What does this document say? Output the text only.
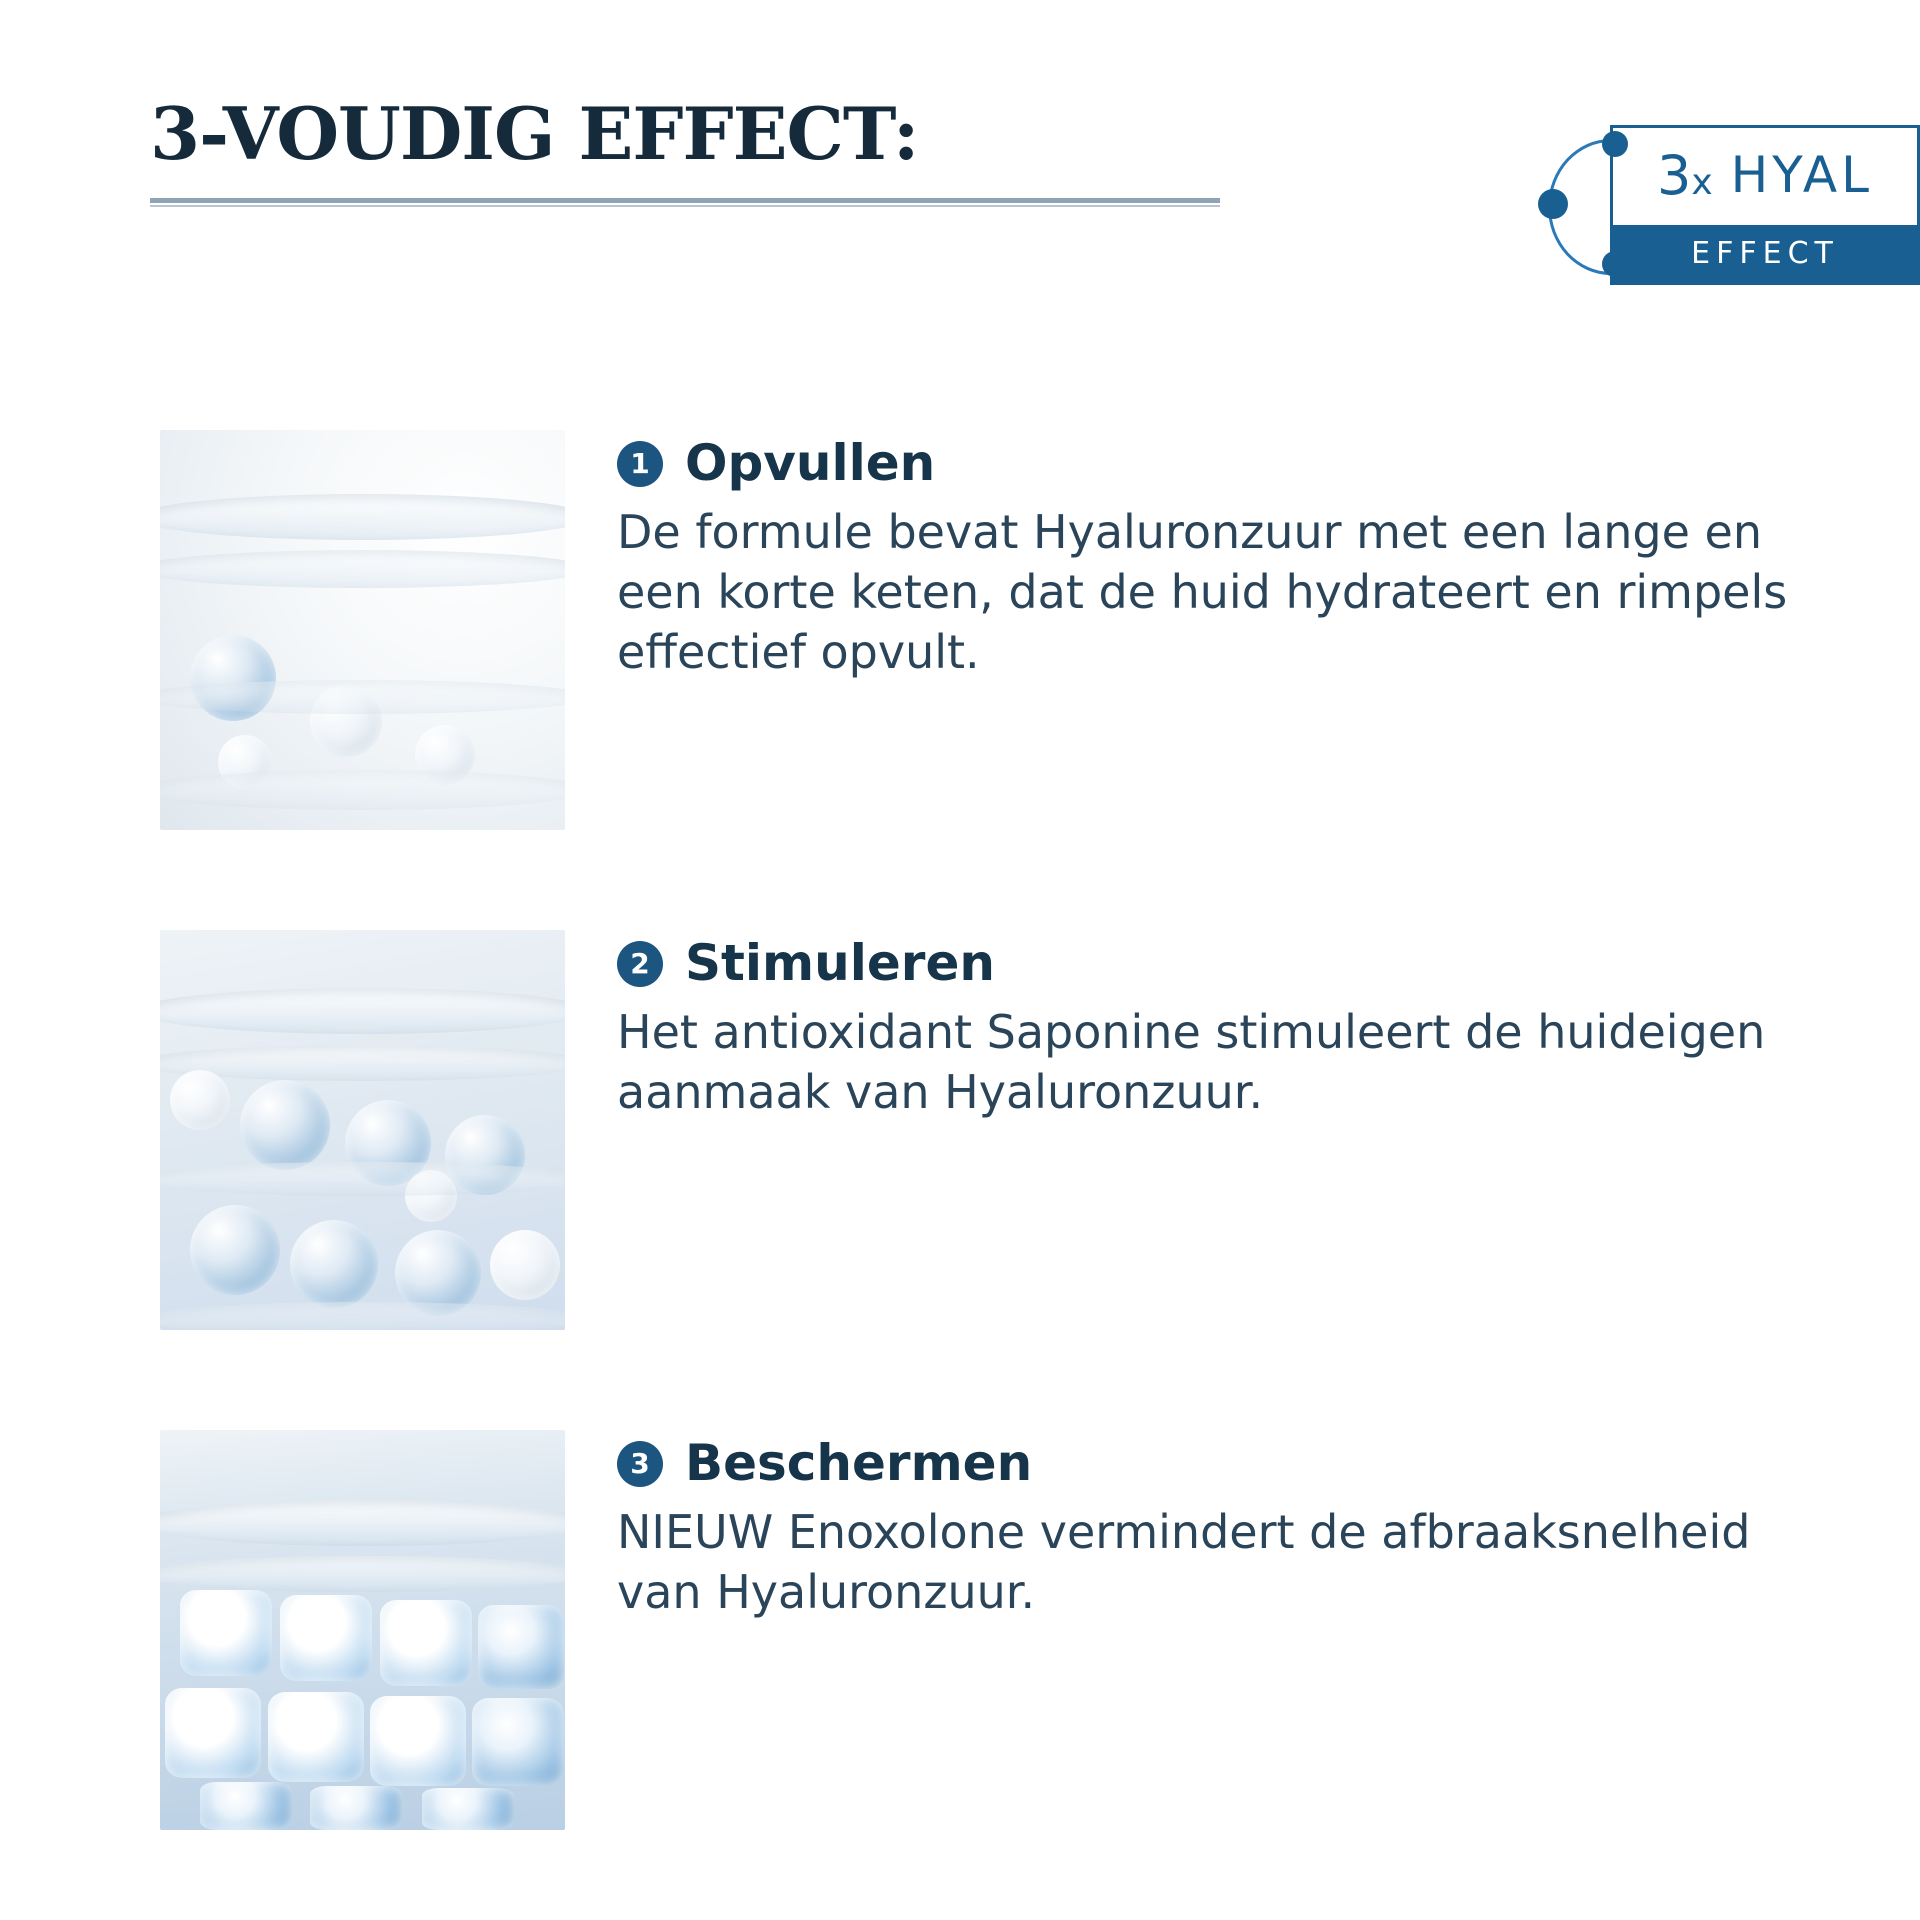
3-VOUDIG EFFECT:	3x HYAL
EFFECT
1 Opvullen
De formule bevat Hyaluronzuur met een lange en een korte keten, dat de huid hydrateert en rimpels effectief opvult.
2 Stimuleren
Het antioxidant Saponine stimuleert de huideigen aanmaak van Hyaluronzuur.
3 Beschermen
NIEUW Enoxolone vermindert de afbraaksnelheid van Hyaluronzuur.
